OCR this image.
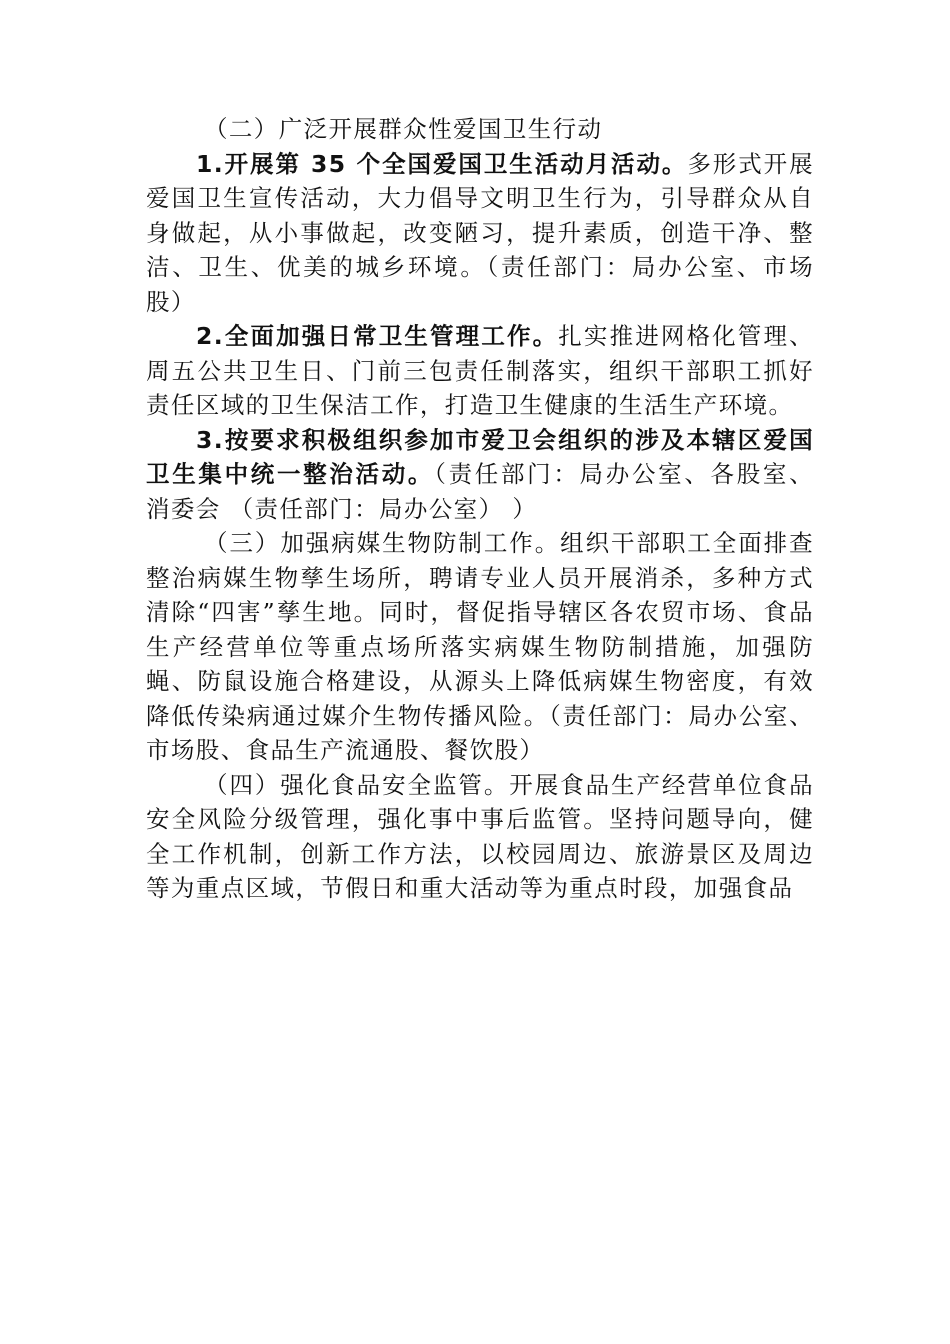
（二）广泛开展群众性爱国卫生行动

1.开展第 35 个全国爱国卫生活动月活动。多形式开展 爱国卫生宣传活动，大力倡导文明卫生行为，引导群众从自 身做起，从小事做起，改变陋习，提升素质，创造干净、整 洁、卫生、优美的城乡环境。（责任部门：局办公室、市场 股）

2.全面加强日常卫生管理工作。扎实推进网格化管理、 周五公共卫生日、门前三包责任制落实，组织干部职工抓好 责任区域的卫生保洁工作，打造卫生健康的生活生产环境。

3.按要求积极组织参加市爱卫会组织的涉及本辖区爱国卫生集中统一整治活动。（责任部门：局办公室、各股室、 消委会 （责任部门：局办公室） ）

（三）加强病媒生物防制工作。组织干部职工全面排查 整治病媒生物孳生场所，聘请专业人员开展消杀，多种方式 清除“四害”孳生地。同时，督促指导辖区各农贸市场、食品 生产经营单位等重点场所落实病媒生物防制措施，加强防 蝇、防鼠设施合格建设，从源头上降低病媒生物密度，有效 降低传染病通过媒介生物传播风险。（责任部门：局办公室、 市场股、食品生产流通股、餐饮股）

（四）强化食品安全监管。开展食品生产经营单位食品 安全风险分级管理，强化事中事后监管。坚持问题导向，健 全工作机制，创新工作方法，以校园周边、旅游景区及周边 等为重点区域，节假日和重大活动等为重点时段，加强食品
